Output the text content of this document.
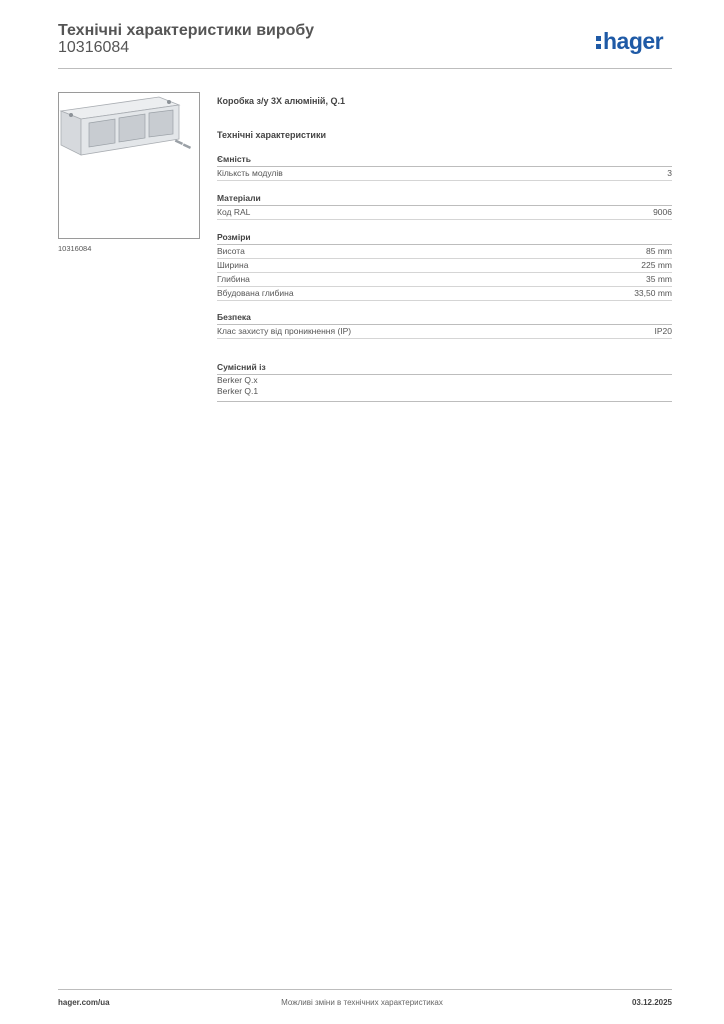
Технічні характеристики виробу
10316084	hager
10316084
Коробка з/у 3X алюміній, Q.1
Технічні характеристики
Ємність
Кільксть модулів	3
Матеріали
Код RAL	9006
Розміри
Висота	85 mm
Ширина	225 mm
Глибина	35 mm
Вбудована глибина	33,50 mm
Безпека
Клас захисту від проникнення (IP)	IP20
Сумісний із
Berker Q.x
Berker Q.1
hager.com/ua	Можливі зміни в технічних характеристиках	03.12.2025
